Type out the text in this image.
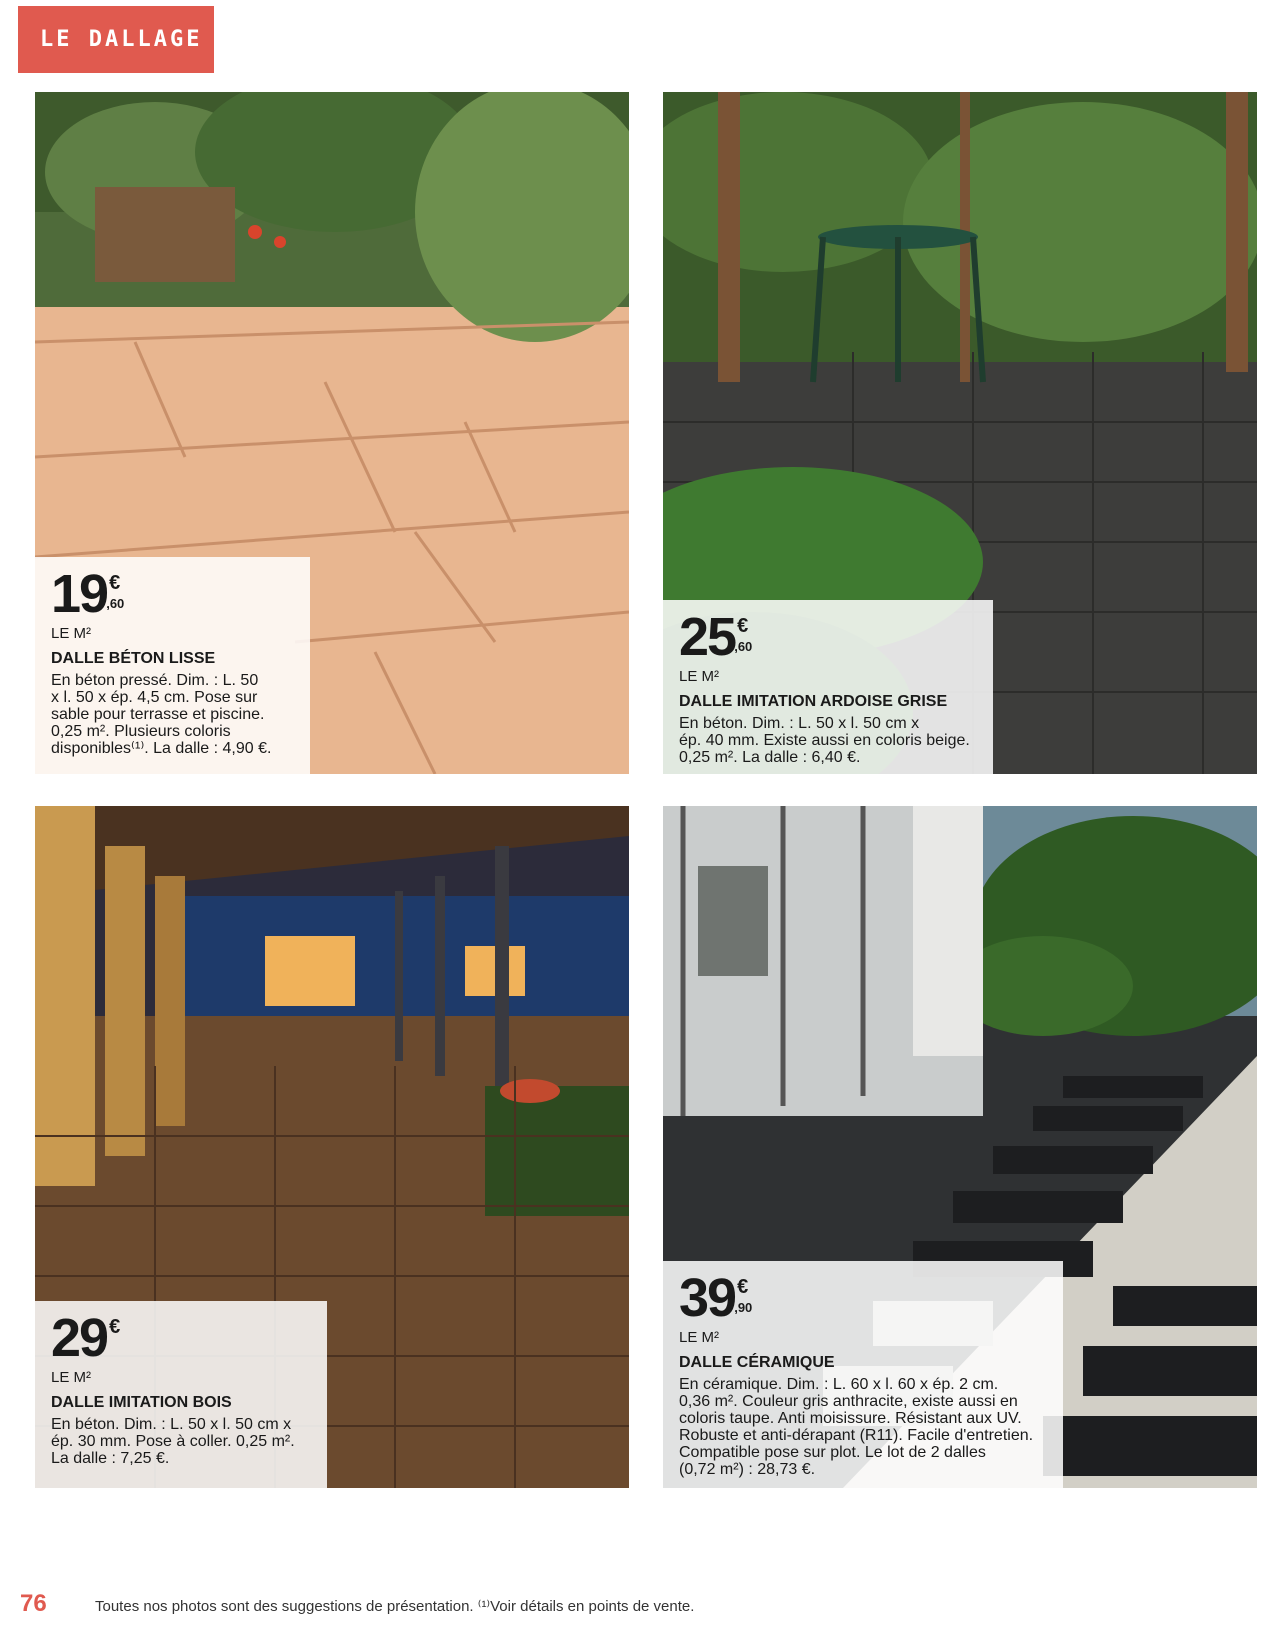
LE DALLAGE
19 €
,60
LE M²
DALLE BÉTON LISSE
En béton pressé. Dim. : L. 50
x l. 50 x ép. 4,5 cm. Pose sur
sable pour terrasse et piscine.
0,25 m². Plusieurs coloris
disponibles⁽¹⁾. La dalle : 4,90 €.
25 €
,60
LE M²
DALLE IMITATION ARDOISE GRISE
En béton. Dim. : L. 50 x l. 50 cm x
ép. 40 mm. Existe aussi en coloris beige.
0,25 m². La dalle : 6,40 €.
29 €
LE M²
DALLE IMITATION BOIS
En béton. Dim. : L. 50 x l. 50 cm x
ép. 30 mm. Pose à coller. 0,25 m².
La dalle : 7,25 €.
39 €
,90
LE M²
DALLE CÉRAMIQUE
En céramique. Dim. : L. 60 x l. 60 x ép. 2 cm.
0,36 m². Couleur gris anthracite, existe aussi en
coloris taupe. Anti moisissure. Résistant aux UV.
Robuste et anti-dérapant (R11). Facile d'entretien.
Compatible pose sur plot. Le lot de 2 dalles
(0,72 m²) : 28,73 €.
76	Toutes nos photos sont des suggestions de présentation. ⁽¹⁾Voir détails en points de vente.
